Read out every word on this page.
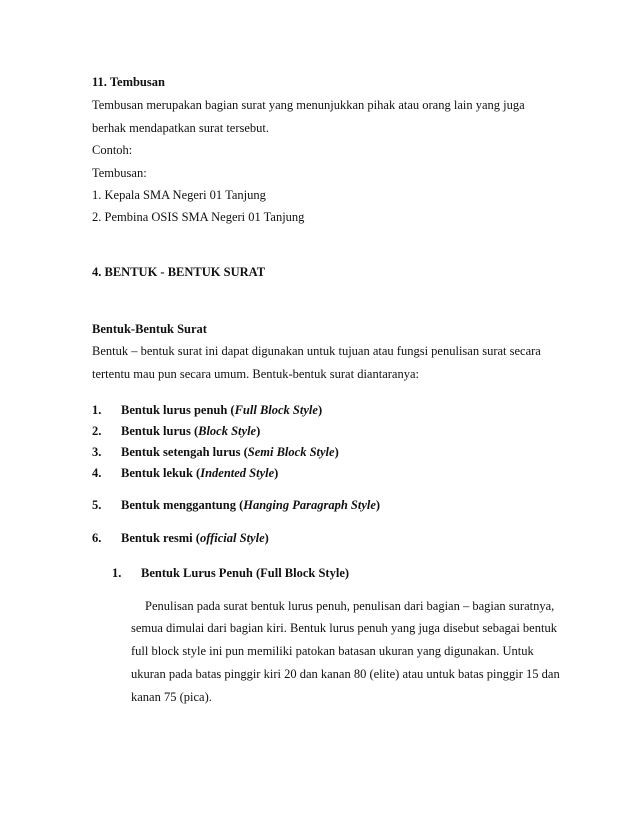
11. Tembusan
Tembusan merupakan bagian surat yang menunjukkan pihak atau orang lain yang juga
berhak mendapatkan surat tersebut.
Contoh:
Tembusan:
1. Kepala SMA Negeri 01 Tanjung
2. Pembina OSIS SMA Negeri 01 Tanjung
4. BENTUK - BENTUK SURAT
Bentuk-Bentuk Surat
Bentuk – bentuk surat ini dapat digunakan untuk tujuan atau fungsi penulisan surat secara
tertentu mau pun secara umum. Bentuk-bentuk surat diantaranya:
1. Bentuk lurus penuh (Full Block Style)
2. Bentuk lurus (Block Style)
3. Bentuk setengah lurus (Semi Block Style)
4. Bentuk lekuk (Indented Style)
5. Bentuk menggantung (Hanging Paragraph Style)
6. Bentuk resmi (official Style)
1. Bentuk Lurus Penuh (Full Block Style)
Penulisan pada surat bentuk lurus penuh, penulisan dari bagian – bagian suratnya,
semua dimulai dari bagian kiri. Bentuk lurus penuh yang juga disebut sebagai bentuk
full block style ini pun memiliki patokan batasan ukuran yang digunakan. Untuk
ukuran pada batas pinggir kiri 20 dan kanan 80 (elite) atau untuk batas pinggir 15 dan
kanan 75 (pica).
